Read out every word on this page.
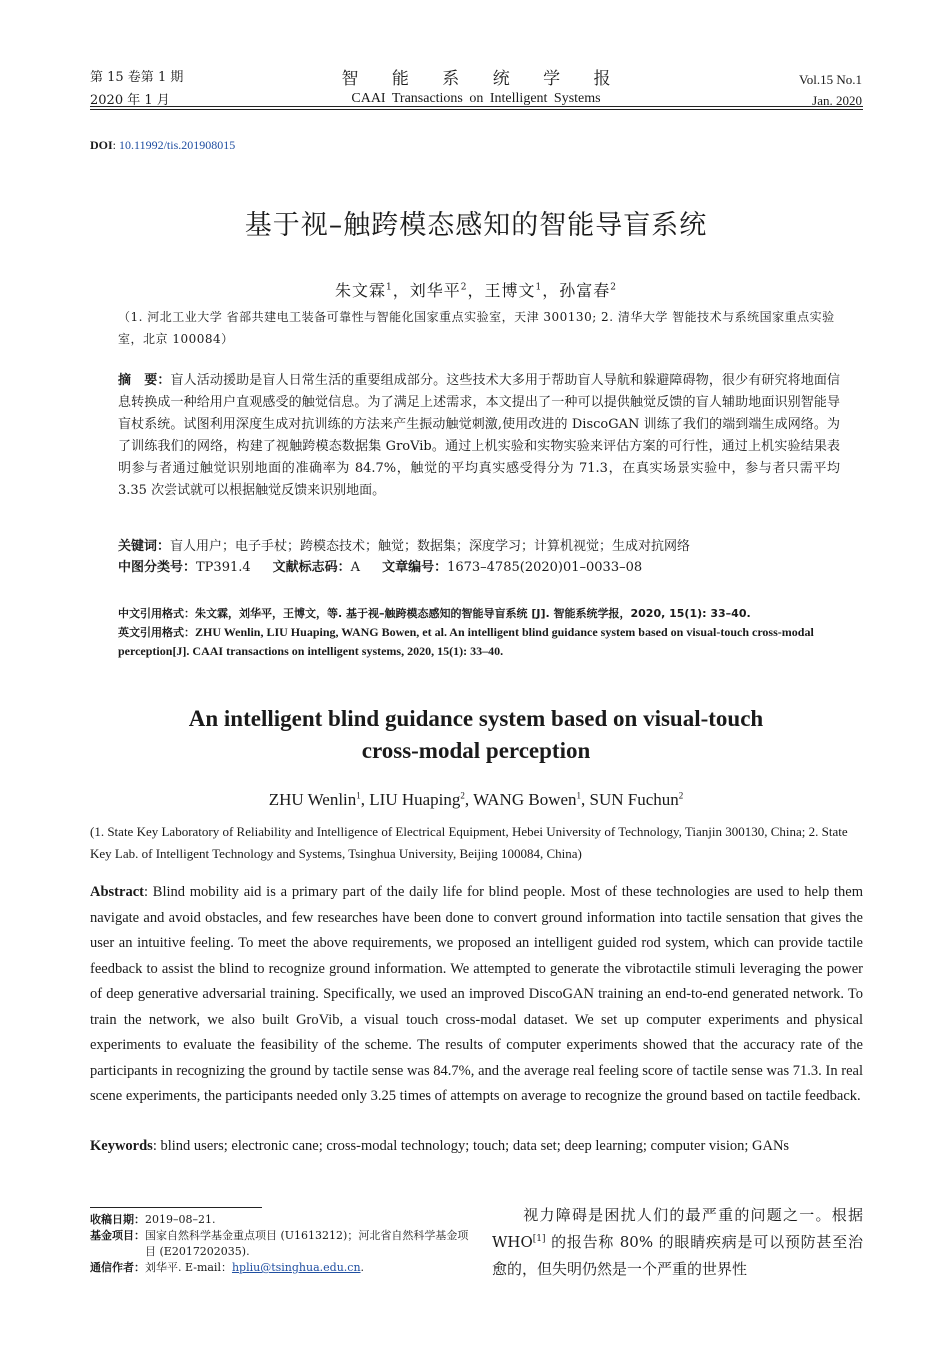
第 15 卷第 1 期
2020 年 1 月
智 能 系 统 学 报
CAAI Transactions on Intelligent Systems
Vol.15 No.1
Jan. 2020
DOI: 10.11992/tis.201908015
基于视–触跨模态感知的智能导盲系统
朱文霖$^1$，刘华平$^2$，王博文$^1$，孙富春$^2$
（1. 河北工业大学 省部共建电工装备可靠性与智能化国家重点实验室，天津 300130; 2. 清华大学 智能技术与系统国家重点实验室，北京 100084）
摘　要：盲人活动援助是盲人日常生活的重要组成部分。这些技术大多用于帮助盲人导航和躲避障碍物，很少有研究将地面信息转换成一种给用户直观感受的触觉信息。为了满足上述需求，本文提出了一种可以提供触觉反馈的盲人辅助地面识别智能导盲杖系统。试图利用深度生成对抗训练的方法来产生振动触觉刺激,使用改进的 DiscoGAN 训练了我们的端到端生成网络。为了训练我们的网络，构建了视触跨模态数据集 GroVib。通过上机实验和实物实验来评估方案的可行性，通过上机实验结果表明参与者通过触觉识别地面的准确率为 84.7%，触觉的平均真实感受得分为 71.3，在真实场景实验中，参与者只需平均 3.35 次尝试就可以根据触觉反馈来识别地面。
关键词：盲人用户；电子手杖；跨模态技术；触觉；数据集；深度学习；计算机视觉；生成对抗网络
中图分类号：TP391.4 文献标志码：A 文章编号：1673–4785(2020)01–0033–08
中文引用格式：朱文霖，刘华平，王博文，等. 基于视–触跨模态感知的智能导盲系统 [J]. 智能系统学报，2020, 15(1): 33–40.
英文引用格式：ZHU Wenlin, LIU Huaping, WANG Bowen, et al. An intelligent blind guidance system based on visual-touch cross-modal perception[J]. CAAI transactions on intelligent systems, 2020, 15(1): 33–40.
An intelligent blind guidance system based on visual-touch
cross-modal perception
ZHU Wenlin$^1$, LIU Huaping$^2$, WANG Bowen$^1$, SUN Fuchun$^2$
(1. State Key Laboratory of Reliability and Intelligence of Electrical Equipment, Hebei University of Technology, Tianjin 300130, China; 2. State Key Lab. of Intelligent Technology and Systems, Tsinghua University, Beijing 100084, China)
Abstract: Blind mobility aid is a primary part of the daily life for blind people. Most of these technologies are used to help them navigate and avoid obstacles, and few researches have been done to convert ground information into tactile sensation that gives the user an intuitive feeling. To meet the above requirements, we proposed an intelligent guided rod system, which can provide tactile feedback to assist the blind to recognize ground information. We attempted to generate the vibrotactile stimuli leveraging the power of deep generative adversarial training. Specifically, we used an improved DiscoGAN training an end-to-end generated network. To train the network, we also built GroVib, a visual touch cross-modal dataset. We set up computer experiments and physical experiments to evaluate the feasibility of the scheme. The results of computer experiments showed that the accuracy rate of the participants in recognizing the ground by tactile sense was 84.7%, and the average real feeling score of tactile sense was 71.3. In real scene experiments, the participants needed only 3.25 times of attempts on average to recognize the ground based on tactile feedback.
Keywords: blind users; electronic cane; cross-modal technology; touch; data set; deep learning; computer vision; GANs
收稿日期： 2019–08–21.
基金项目： 国家自然科学基金重点项目 (U1613212)；河北省自然科学基金项目 (E2017202035).
通信作者： 刘华平. E-mail：hpliu@tsinghua.edu.cn.
视力障碍是困扰人们的最严重的问题之一。根据 WHO[1] 的报告称 80% 的眼睛疾病是可以预防甚至治愈的，但失明仍然是一个严重的世界性
